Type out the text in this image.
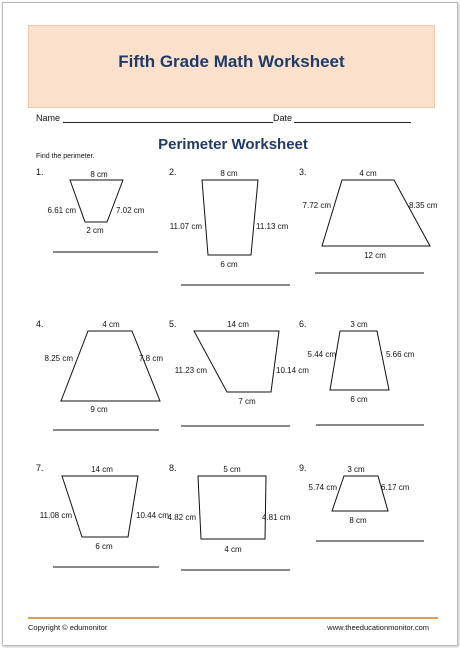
Fifth Grade Math Worksheet
Name	Date
Perimeter Worksheet
Find the perimeter.
1.	2.	3.
4.	5.	6.
7.	8.	9.
8 cm
2 cm
6.61 cm	7.02 cm
8 cm
6 cm
11.07 cm	11.13 cm
4 cm
12 cm
7.72 cm	8.35 cm
4 cm
9 cm
8.25 cm	7.8 cm
14 cm
7 cm
11.23 cm	10.14 cm
3 cm
6 cm
5.44 cm	5.66 cm
14 cm
6 cm
11.08 cm	10.44 cm
5 cm
4 cm
4.82 cm	4.81 cm
3 cm
8 cm
5.74 cm	6.17 cm
Copyright © edumonitor	www.theeducationmonitor.com
